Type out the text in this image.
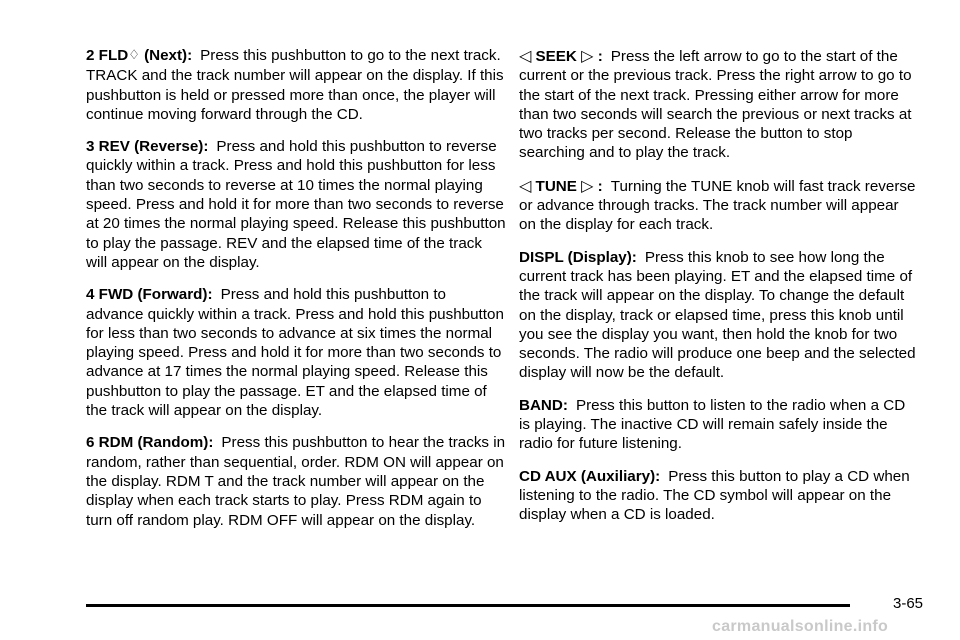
2 FLD♢ (Next): Press this pushbutton to go to the next track. TRACK and the track number will appear on the display. If this pushbutton is held or pressed more than once, the player will continue moving forward through the CD.

3 REV (Reverse): Press and hold this pushbutton to reverse quickly within a track. Press and hold this pushbutton for less than two seconds to reverse at 10 times the normal playing speed. Press and hold it for more than two seconds to reverse at 20 times the normal playing speed. Release this pushbutton to play the passage. REV and the elapsed time of the track will appear on the display.

4 FWD (Forward): Press and hold this pushbutton to advance quickly within a track. Press and hold this pushbutton for less than two seconds to advance at six times the normal playing speed. Press and hold it for more than two seconds to advance at 17 times the normal playing speed. Release this pushbutton to play the passage. ET and the elapsed time of the track will appear on the display.

6 RDM (Random): Press this pushbutton to hear the tracks in random, rather than sequential, order. RDM ON will appear on the display. RDM T and the track number will appear on the display when each track starts to play. Press RDM again to turn off random play. RDM OFF will appear on the display.

◁ SEEK ▷ : Press the left arrow to go to the start of the current or the previous track. Press the right arrow to go to the start of the next track. Pressing either arrow for more than two seconds will search the previous or next tracks at two tracks per second. Release the button to stop searching and to play the track.

◁ TUNE ▷ : Turning the TUNE knob will fast track reverse or advance through tracks. The track number will appear on the display for each track.

DISPL (Display): Press this knob to see how long the current track has been playing. ET and the elapsed time of the track will appear on the display. To change the default on the display, track or elapsed time, press this knob until you see the display you want, then hold the knob for two seconds. The radio will produce one beep and the selected display will now be the default.

BAND: Press this button to listen to the radio when a CD is playing. The inactive CD will remain safely inside the radio for future listening.

CD AUX (Auxiliary): Press this button to play a CD when listening to the radio. The CD symbol will appear on the display when a CD is loaded.

3-65
carmanualsonline.info
